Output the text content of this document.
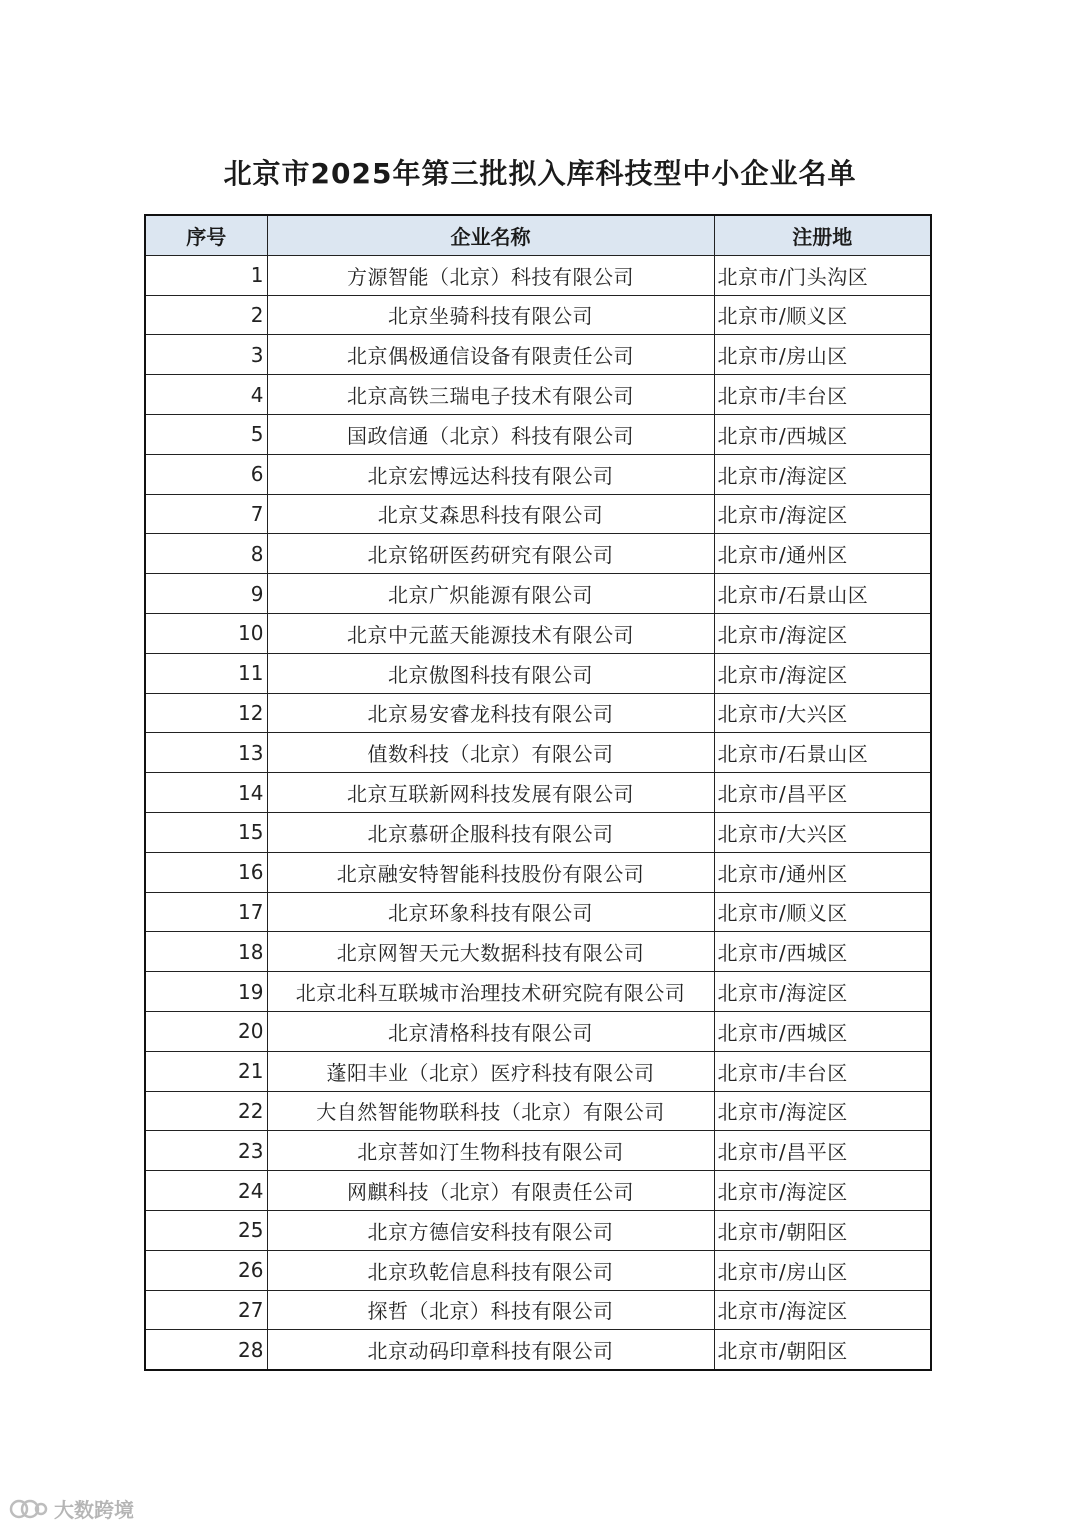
北京市2025年第三批拟入库科技型中小企业名单
序号	企业名称	注册地
1	方源智能（北京）科技有限公司	北京市/门头沟区
2	北京坐骑科技有限公司	北京市/顺义区
3	北京偶极通信设备有限责任公司	北京市/房山区
4	北京高铁三瑞电子技术有限公司	北京市/丰台区
5	国政信通（北京）科技有限公司	北京市/西城区
6	北京宏博远达科技有限公司	北京市/海淀区
7	北京艾森思科技有限公司	北京市/海淀区
8	北京铭研医药研究有限公司	北京市/通州区
9	北京广炽能源有限公司	北京市/石景山区
10	北京中元蓝天能源技术有限公司	北京市/海淀区
11	北京傲图科技有限公司	北京市/海淀区
12	北京易安睿龙科技有限公司	北京市/大兴区
13	值数科技（北京）有限公司	北京市/石景山区
14	北京互联新网科技发展有限公司	北京市/昌平区
15	北京慕研企服科技有限公司	北京市/大兴区
16	北京融安特智能科技股份有限公司	北京市/通州区
17	北京环象科技有限公司	北京市/顺义区
18	北京网智天元大数据科技有限公司	北京市/西城区
19	北京北科互联城市治理技术研究院有限公司	北京市/海淀区
20	北京清格科技有限公司	北京市/西城区
21	蓬阳丰业（北京）医疗科技有限公司	北京市/丰台区
22	大自然智能物联科技（北京）有限公司	北京市/海淀区
23	北京菩如汀生物科技有限公司	北京市/昌平区
24	网麒科技（北京）有限责任公司	北京市/海淀区
25	北京方德信安科技有限公司	北京市/朝阳区
26	北京玖乾信息科技有限公司	北京市/房山区
27	探哲（北京）科技有限公司	北京市/海淀区
28	北京动码印章科技有限公司	北京市/朝阳区
大数跨境
